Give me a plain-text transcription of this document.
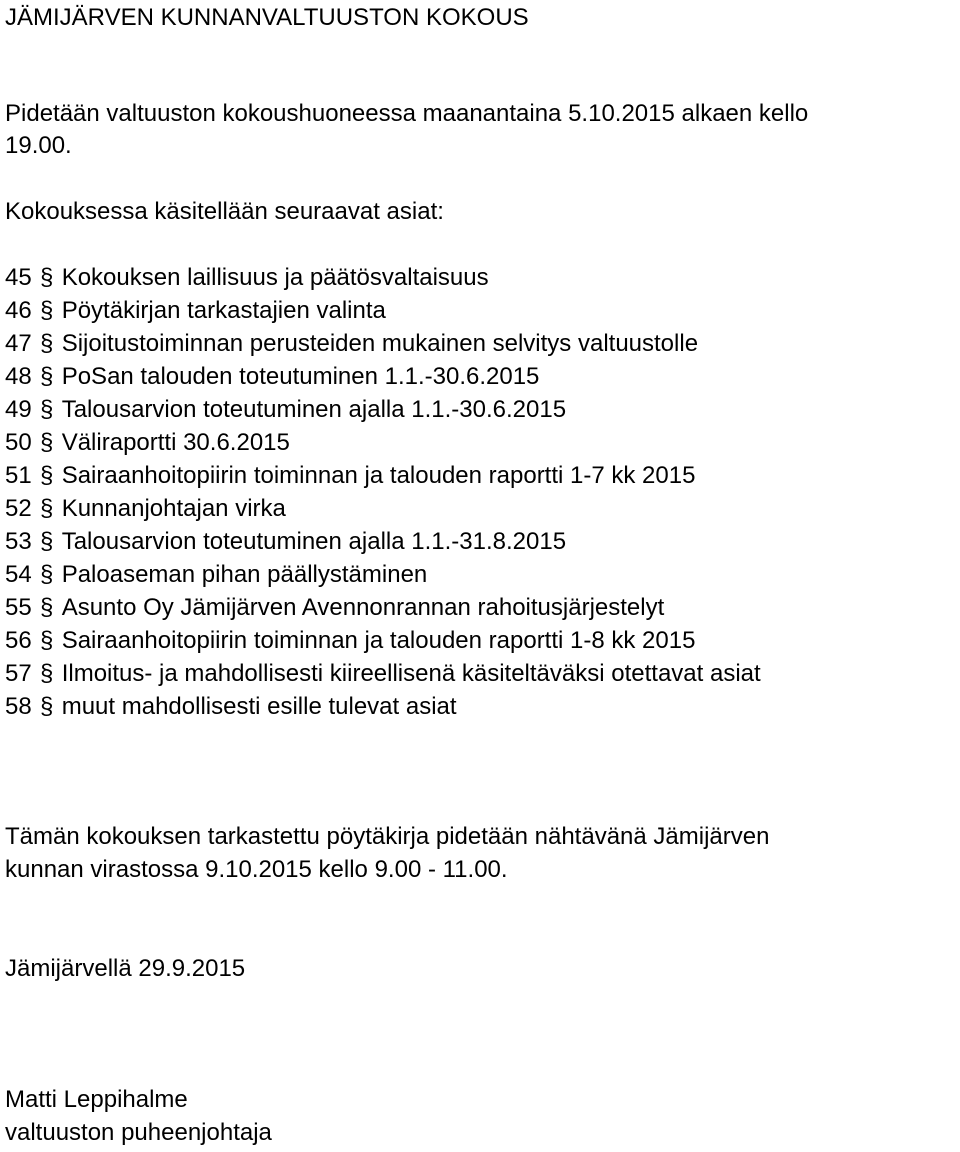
JÄMIJÄRVEN KUNNANVALTUUSTON KOKOUS
Pidetään valtuuston kokoushuoneessa maanantaina 5.10.2015 alkaen kello
19.00.
Kokouksessa käsitellään seuraavat asiat:
45 § Kokouksen laillisuus ja päätösvaltaisuus
46 § Pöytäkirjan tarkastajien valinta
47 § Sijoitustoiminnan perusteiden mukainen selvitys valtuustolle
48 § PoSan talouden toteutuminen 1.1.-30.6.2015
49 § Talousarvion toteutuminen ajalla 1.1.-30.6.2015
50 § Väliraportti 30.6.2015
51 § Sairaanhoitopiirin toiminnan ja talouden raportti 1-7 kk 2015
52 § Kunnanjohtajan virka
53 § Talousarvion toteutuminen ajalla 1.1.-31.8.2015
54 § Paloaseman pihan päällystäminen
55 § Asunto Oy Jämijärven Avennonrannan rahoitusjärjestelyt
56 § Sairaanhoitopiirin toiminnan ja talouden raportti 1-8 kk 2015
57 § Ilmoitus- ja mahdollisesti kiireellisenä käsiteltäväksi otettavat asiat
58 § muut mahdollisesti esille tulevat asiat
Tämän kokouksen tarkastettu pöytäkirja pidetään nähtävänä Jämijärven
kunnan virastossa 9.10.2015 kello 9.00 - 11.00.
Jämijärvellä 29.9.2015
Matti Leppihalme
valtuuston puheenjohtaja
